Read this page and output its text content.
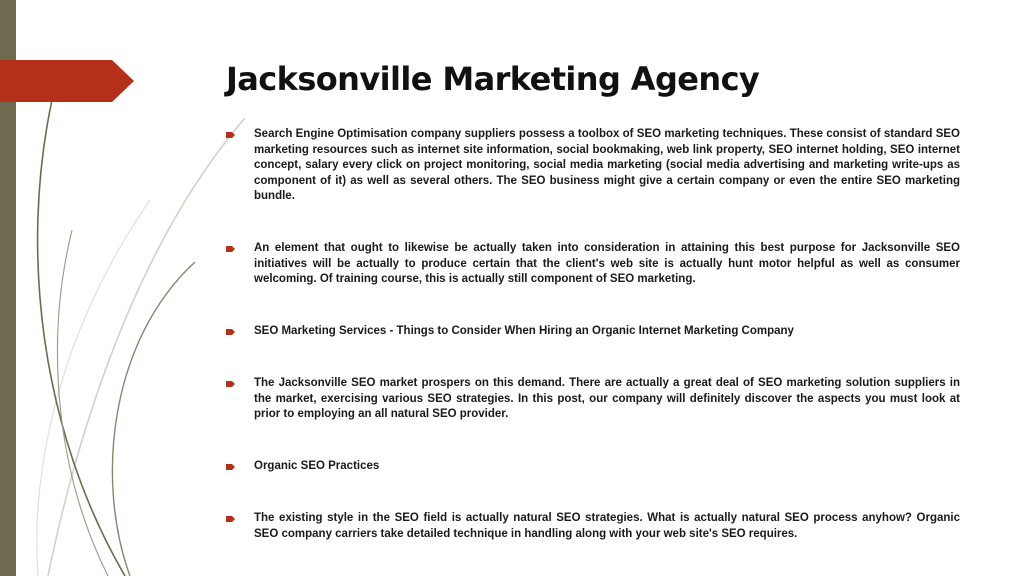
Jacksonville Marketing Agency
Search Engine Optimisation company suppliers possess a toolbox of SEO marketing techniques. These consist of standard SEO marketing resources such as internet site information, social bookmaking, web link property, SEO internet holding, SEO internet concept, salary every click on project monitoring, social media marketing (social media advertising and marketing write-ups as component of it) as well as several others. The SEO business might give a certain company or even the entire SEO marketing bundle.
An element that ought to likewise be actually taken into consideration in attaining this best purpose for Jacksonville SEO initiatives will be actually to produce certain that the client's web site is actually hunt motor helpful as well as consumer welcoming. Of training course, this is actually still component of SEO marketing.
SEO Marketing Services - Things to Consider When Hiring an Organic Internet Marketing Company
The Jacksonville SEO market prospers on this demand. There are actually a great deal of SEO marketing solution suppliers in the market, exercising various SEO strategies. In this post, our company will definitely discover the aspects you must look at prior to employing an all natural SEO provider.
Organic SEO Practices
The existing style in the SEO field is actually natural SEO strategies. What is actually natural SEO process anyhow? Organic SEO company carriers take detailed technique in handling along with your web site's SEO requires.
